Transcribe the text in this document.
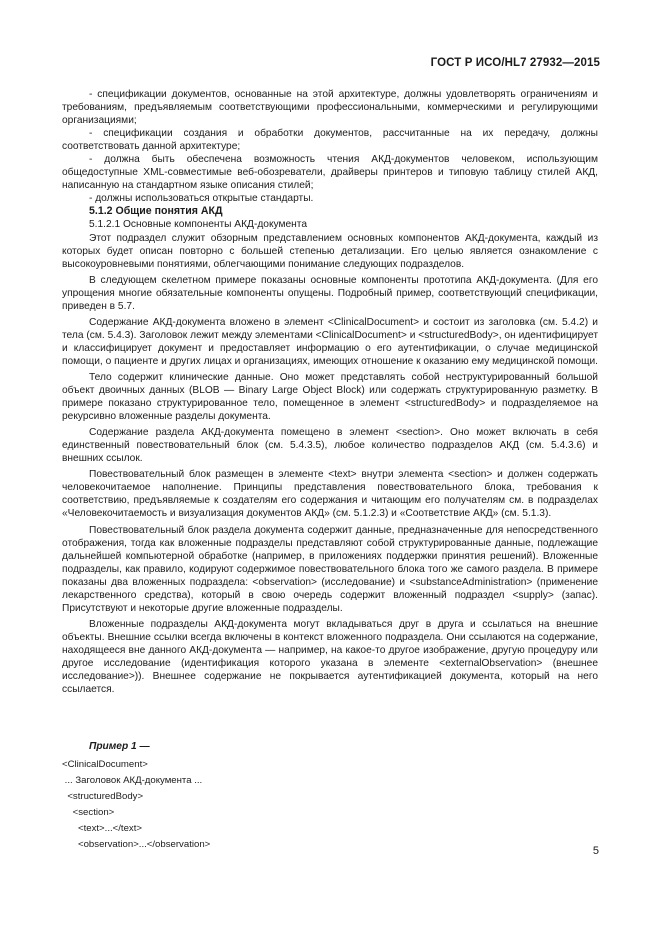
ГОСТ Р ИСО/HL7 27932—2015

- спецификации документов, основанные на этой архитектуре, должны удовлетворять ограничениям и требованиям, предъявляемым соответствующими профессиональными, коммерческими и регулирующими организациями;

- спецификации создания и обработки документов, рассчитанные на их передачу, должны соответствовать данной архитектуре;

- должна быть обеспечена возможность чтения АКД-документов человеком, использующим общедоступные XML-совместимые веб-обозреватели, драйверы принтеров и типовую таблицу стилей АКД, написанную на стандартном языке описания стилей;

- должны использоваться открытые стандарты.

5.1.2 Общие понятия АКД

5.1.2.1 Основные компоненты АКД-документа

Этот подраздел служит обзорным представлением основных компонентов АКД-документа, каждый из которых будет описан повторно с большей степенью детализации. Его целью является ознакомление с высокоуровневыми понятиями, облегчающими понимание следующих подразделов.

В следующем скелетном примере показаны основные компоненты прототипа АКД-документа. (Для его упрощения многие обязательные компоненты опущены. Подробный пример, соответствующий спецификации, приведен в 5.7.

Содержание АКД-документа вложено в элемент <ClinicalDocument> и состоит из заголовка (см. 5.4.2) и тела (см. 5.4.3). Заголовок лежит между элементами <ClinicalDocument> и <structuredBody>, он идентифицирует и классифицирует документ и предоставляет информацию о его аутентификации, о случае медицинской помощи, о пациенте и других лицах и организациях, имеющих отношение к оказанию ему медицинской помощи.

Тело содержит клинические данные. Оно может представлять собой неструктурированный большой объект двоичных данных (BLOB — Binary Large Object Block) или содержать структурированную разметку. В примере показано структурированное тело, помещенное в элемент <structuredBody> и подразделяемое на рекурсивно вложенные разделы документа.

Содержание раздела АКД-документа помещено в элемент <section>. Оно может включать в себя единственный повествовательный блок (см. 5.4.3.5), любое количество подразделов АКД (см. 5.4.3.6) и внешних ссылок.

Повествовательный блок размещен в элементе <text> внутри элемента <section> и должен содержать человекочитаемое наполнение. Принципы представления повествовательного блока, требования к соответствию, предъявляемые к создателям его содержания и читающим его получателям см. в подразделах «Человекочитаемость и визуализация документов АКД» (см. 5.1.2.3) и «Соответствие АКД» (см. 5.1.3).

Повествовательный блок раздела документа содержит данные, предназначенные для непосредственного отображения, тогда как вложенные подразделы представляют собой структурированные данные, подлежащие дальнейшей компьютерной обработке (например, в приложениях поддержки принятия решений). Вложенные подразделы, как правило, кодируют содержимое повествовательного блока того же самого раздела. В примере показаны два вложенных подраздела: <observation> (исследование) и <substanceAdministration> (применение лекарственного средства), который в свою очередь содержит вложенный подраздел <supply> (запас). Присутствуют и некоторые другие вложенные подразделы.

Вложенные подразделы АКД-документа могут вкладываться друг в друга и ссылаться на внешние объекты. Внешние ссылки всегда включены в контекст вложенного подраздела. Они ссылаются на содержание, находящееся вне данного АКД-документа — например, на какое-то другое изображение, другую процедуру или другое исследование (идентификация которого указана в элементе <externalObservation> (внешнее исследование>)). Внешнее содержание не покрывается аутентификацией документа, который на него ссылается.

Пример 1 —
<ClinicalDocument>
... Заголовок АКД-документа ...
<structuredBody>
<section>
<text>...</text>
<observation>...</observation>
5
